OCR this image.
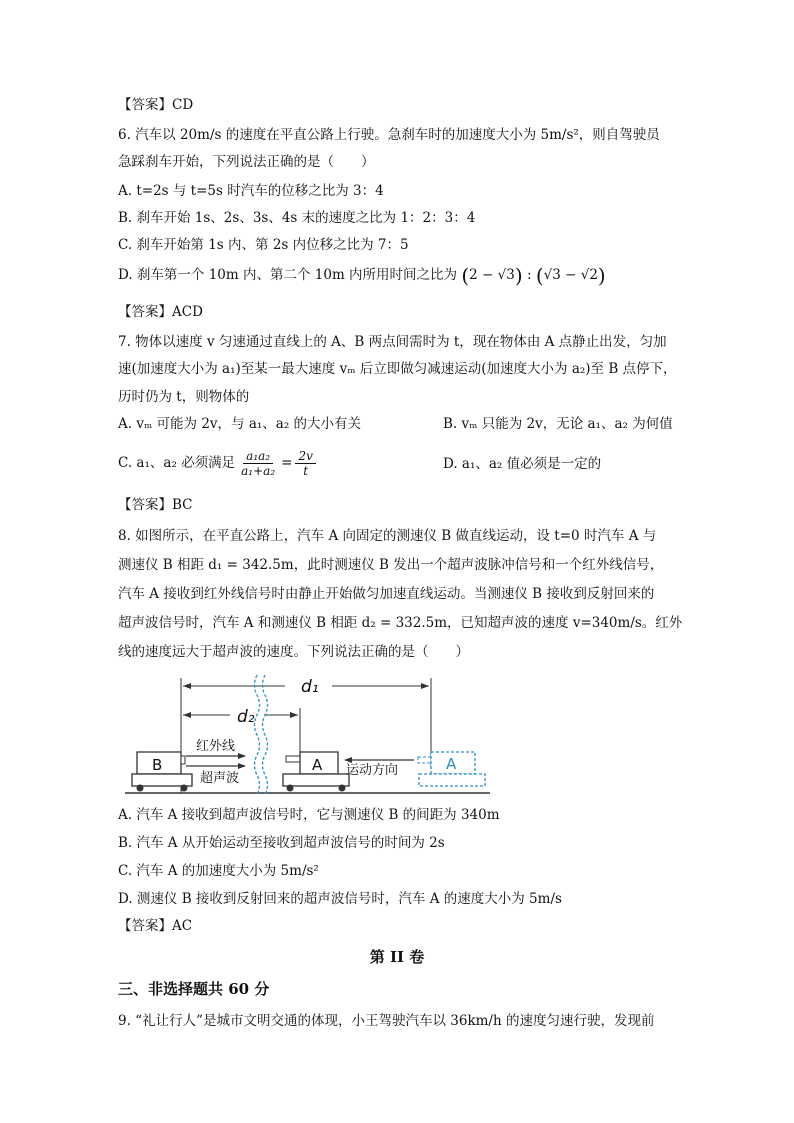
【答案】CD
6. 汽车以 20m/s 的速度在平直公路上行驶。急刹车时的加速度大小为 5m/s²，则自驾驶员
急踩刹车开始，下列说法正确的是（　　）
A. t=2s 与 t=5s 时汽车的位移之比为 3：4
B. 刹车开始 1s、2s、3s、4s 末的速度之比为 1：2：3：4
C. 刹车开始第 1s 内、第 2s 内位移之比为 7：5
D. 刹车第一个 10m 内、第二个 10m 内所用时间之比为 (2 − √3) : (√3 − √2)
【答案】ACD
7. 物体以速度 v 匀速通过直线上的 A、B 两点间需时为 t，现在物体由 A 点静止出发，匀加
速(加速度大小为 a₁)至某一最大速度 vₘ 后立即做匀减速运动(加速度大小为 a₂)至 B 点停下，
历时仍为 t，则物体的
A. vₘ 可能为 2v，与 a₁、a₂ 的大小有关	B. vₘ 只能为 2v，无论 a₁、a₂ 为何值
C. a₁、a₂ 必须满足 $\frac{\text{a₁a₂}}{\text{a₁+a₂}} = \frac{2v}{t}$	D. a₁、a₂ 值必须是一定的
【答案】BC
8. 如图所示，在平直公路上，汽车 A 向固定的测速仪 B 做直线运动，设 t=0 时汽车 A 与
测速仪 B 相距 d₁ = 342.5m，此时测速仪 B 发出一个超声波脉冲信号和一个红外线信号，
汽车 A 接收到红外线信号时由静止开始做匀加速直线运动。当测速仪 B 接收到反射回来的
超声波信号时，汽车 A 和测速仪 B 相距 d₂ = 332.5m，已知超声波的速度 v=340m/s。红外
线的速度远大于超声波的速度。下列说法正确的是（　　）
d₁
d₂
B
红外线
超声波
A 运动方向	A
A. 汽车 A 接收到超声波信号时，它与测速仪 B 的间距为 340m
B. 汽车 A 从开始运动至接收到超声波信号的时间为 2s
C. 汽车 A 的加速度大小为 5m/s²
D. 测速仪 B 接收到反射回来的超声波信号时，汽车 A 的速度大小为 5m/s
【答案】AC
第 II 卷
三、非选择题共 60 分
9. “礼让行人”是城市文明交通的体现，小王驾驶汽车以 36km/h 的速度匀速行驶，发现前
